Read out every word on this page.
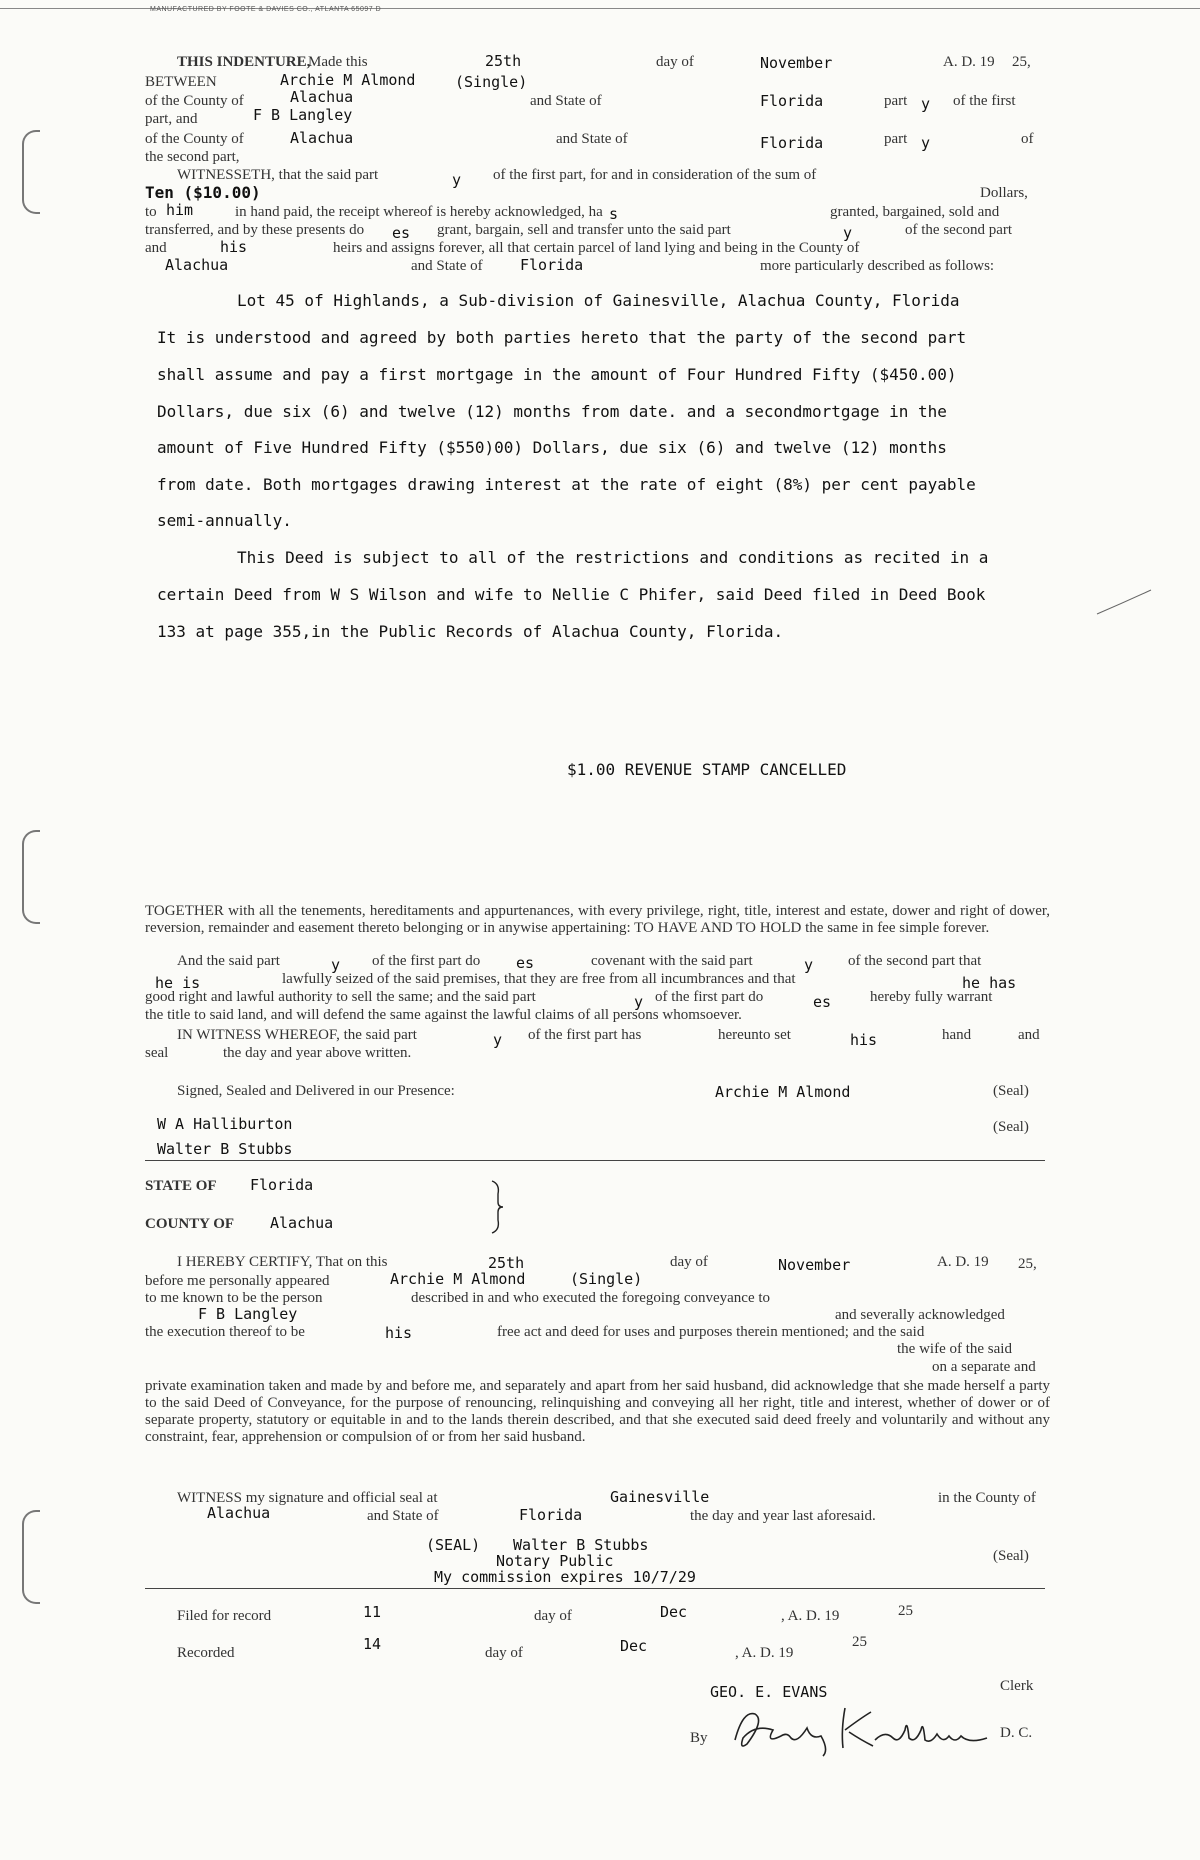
MANUFACTURED BY FOOTE & DAVIES CO., ATLANTA 65097 D
THIS INDENTURE,
Made this	25th	day of	November	A. D. 19 25,
BETWEEN	Archie M Almond	(Single)
of the County of	Alachua	and State of	Florida	part y of the first
part, and	F B Langley
of the County of	Alachua	and State of	Florida	part y	of
the second part,
WITNESSETH, that the said part	y of the first part, for and in consideration of the sum of
Ten ($10.00)	Dollars,
to him	in hand paid, the receipt whereof is hereby acknowledged, ha s	granted, bargained, sold and
transferred, and by these presents do es grant, bargain, sell and transfer unto the said part	y	of the second part
and	his	heirs and assigns forever, all that certain parcel of land lying and being in the County of
Alachua	and State of Florida	more particularly described as follows:
Lot 45 of Highlands, a Sub-division of Gainesville, Alachua County, Florida
It is understood and agreed by both parties hereto that the party of the second part
shall assume and pay a first mortgage in the amount of Four Hundred Fifty ($450.00)
Dollars, due six (6) and twelve (12) months from date. and a secondmortgage in the
amount of Five Hundred Fifty ($550)00) Dollars, due six (6) and twelve (12) months
from date. Both mortgages drawing interest at the rate of eight (8%) per cent payable
semi-annually.
This Deed is subject to all of the restrictions and conditions as recited in a
certain Deed from W S Wilson and wife to Nellie C Phifer, said Deed filed in Deed Book
133 at page 355,in the Public Records of Alachua County, Florida.
$1.00 REVENUE STAMP CANCELLED
TOGETHER with all the tenements, hereditaments and appurtenances, with every privilege, right, title, interest and estate, dower and right of dower, reversion, remainder and easement thereto belonging or in anywise appertaining: TO HAVE AND TO HOLD the same in fee simple forever.
And the said part	y of the first part do es	covenant with the said part	y of the second part that
he is	lawfully seized of the said premises, that they are free from all incumbrances and that	he has
good right and lawful authority to sell the same; and the said part	y of the first part do	es	hereby fully warrant
the title to said land, and will defend the same against the lawful claims of all persons whomsoever.
IN WITNESS WHEREOF, the said part	y of the first part has	hereunto set	his	hand	and
seal	the day and year above written.
Signed, Sealed and Delivered in our Presence:	Archie M Almond	(Seal)
W A Halliburton	(Seal)
Walter B Stubbs
STATE OF Florida
COUNTY OF Alachua
I HEREBY CERTIFY, That on this	25th	day of	November	A. D. 19 25,
before me personally appeared	Archie M Almond	(Single)
to me known to be the person	described in and who executed the foregoing conveyance to
F B Langley	and severally acknowledged
the execution thereof to be	his	free act and deed for uses and purposes therein mentioned; and the said
the wife of the said
on a separate and
private examination taken and made by and before me, and separately and apart from her said husband, did acknowledge that she made herself a party to the said Deed of Conveyance, for the purpose of renouncing, relinquishing and conveying all her right, title and interest, whether of dower or of separate property, statutory or equitable in and to the lands therein described, and that she executed said deed freely and voluntarily and without any constraint, fear, apprehension or compulsion of or from her said husband.
WITNESS my signature and official seal at	Gainesville	in the County of
Alachua	and State of	Florida	the day and year last aforesaid.
(SEAL) Walter B Stubbs
Notary Public	(Seal)
My commission expires 10/7/29
Filed for record	11	day of	Dec	, A. D. 19	25
Recorded	14	day of	Dec	, A. D. 19
25
GEO. E. EVANS	Clerk
By	D. C.
